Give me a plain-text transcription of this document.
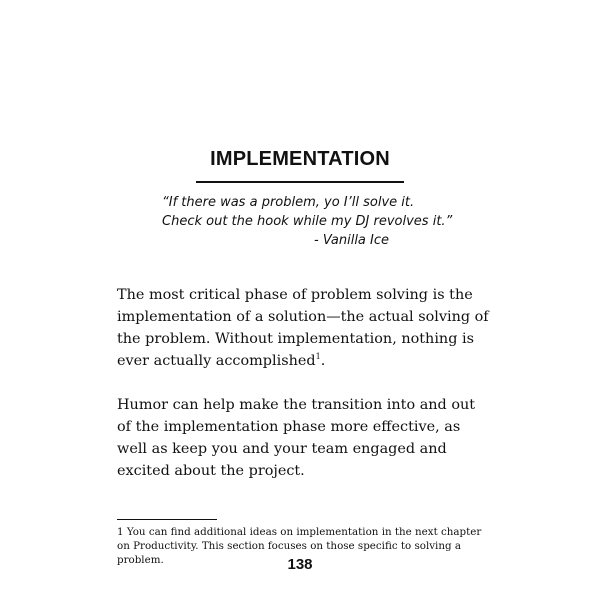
IMPLEMENTATION
“If there was a problem, yo I’ll solve it.
Check out the hook while my DJ revolves it.”
- Vanilla Ice

The most critical phase of problem solving is the implementation of a solution—the actual solving of the problem. Without implementation, nothing is ever actually accomplished$^1$.

Humor can help make the transition into and out of the implementation phase more effective, as well as keep you and your team engaged and excited about the project.

1 You can find additional ideas on implementation in the next chapter on Productivity. This section focuses on those specific to solving a problem.	138
